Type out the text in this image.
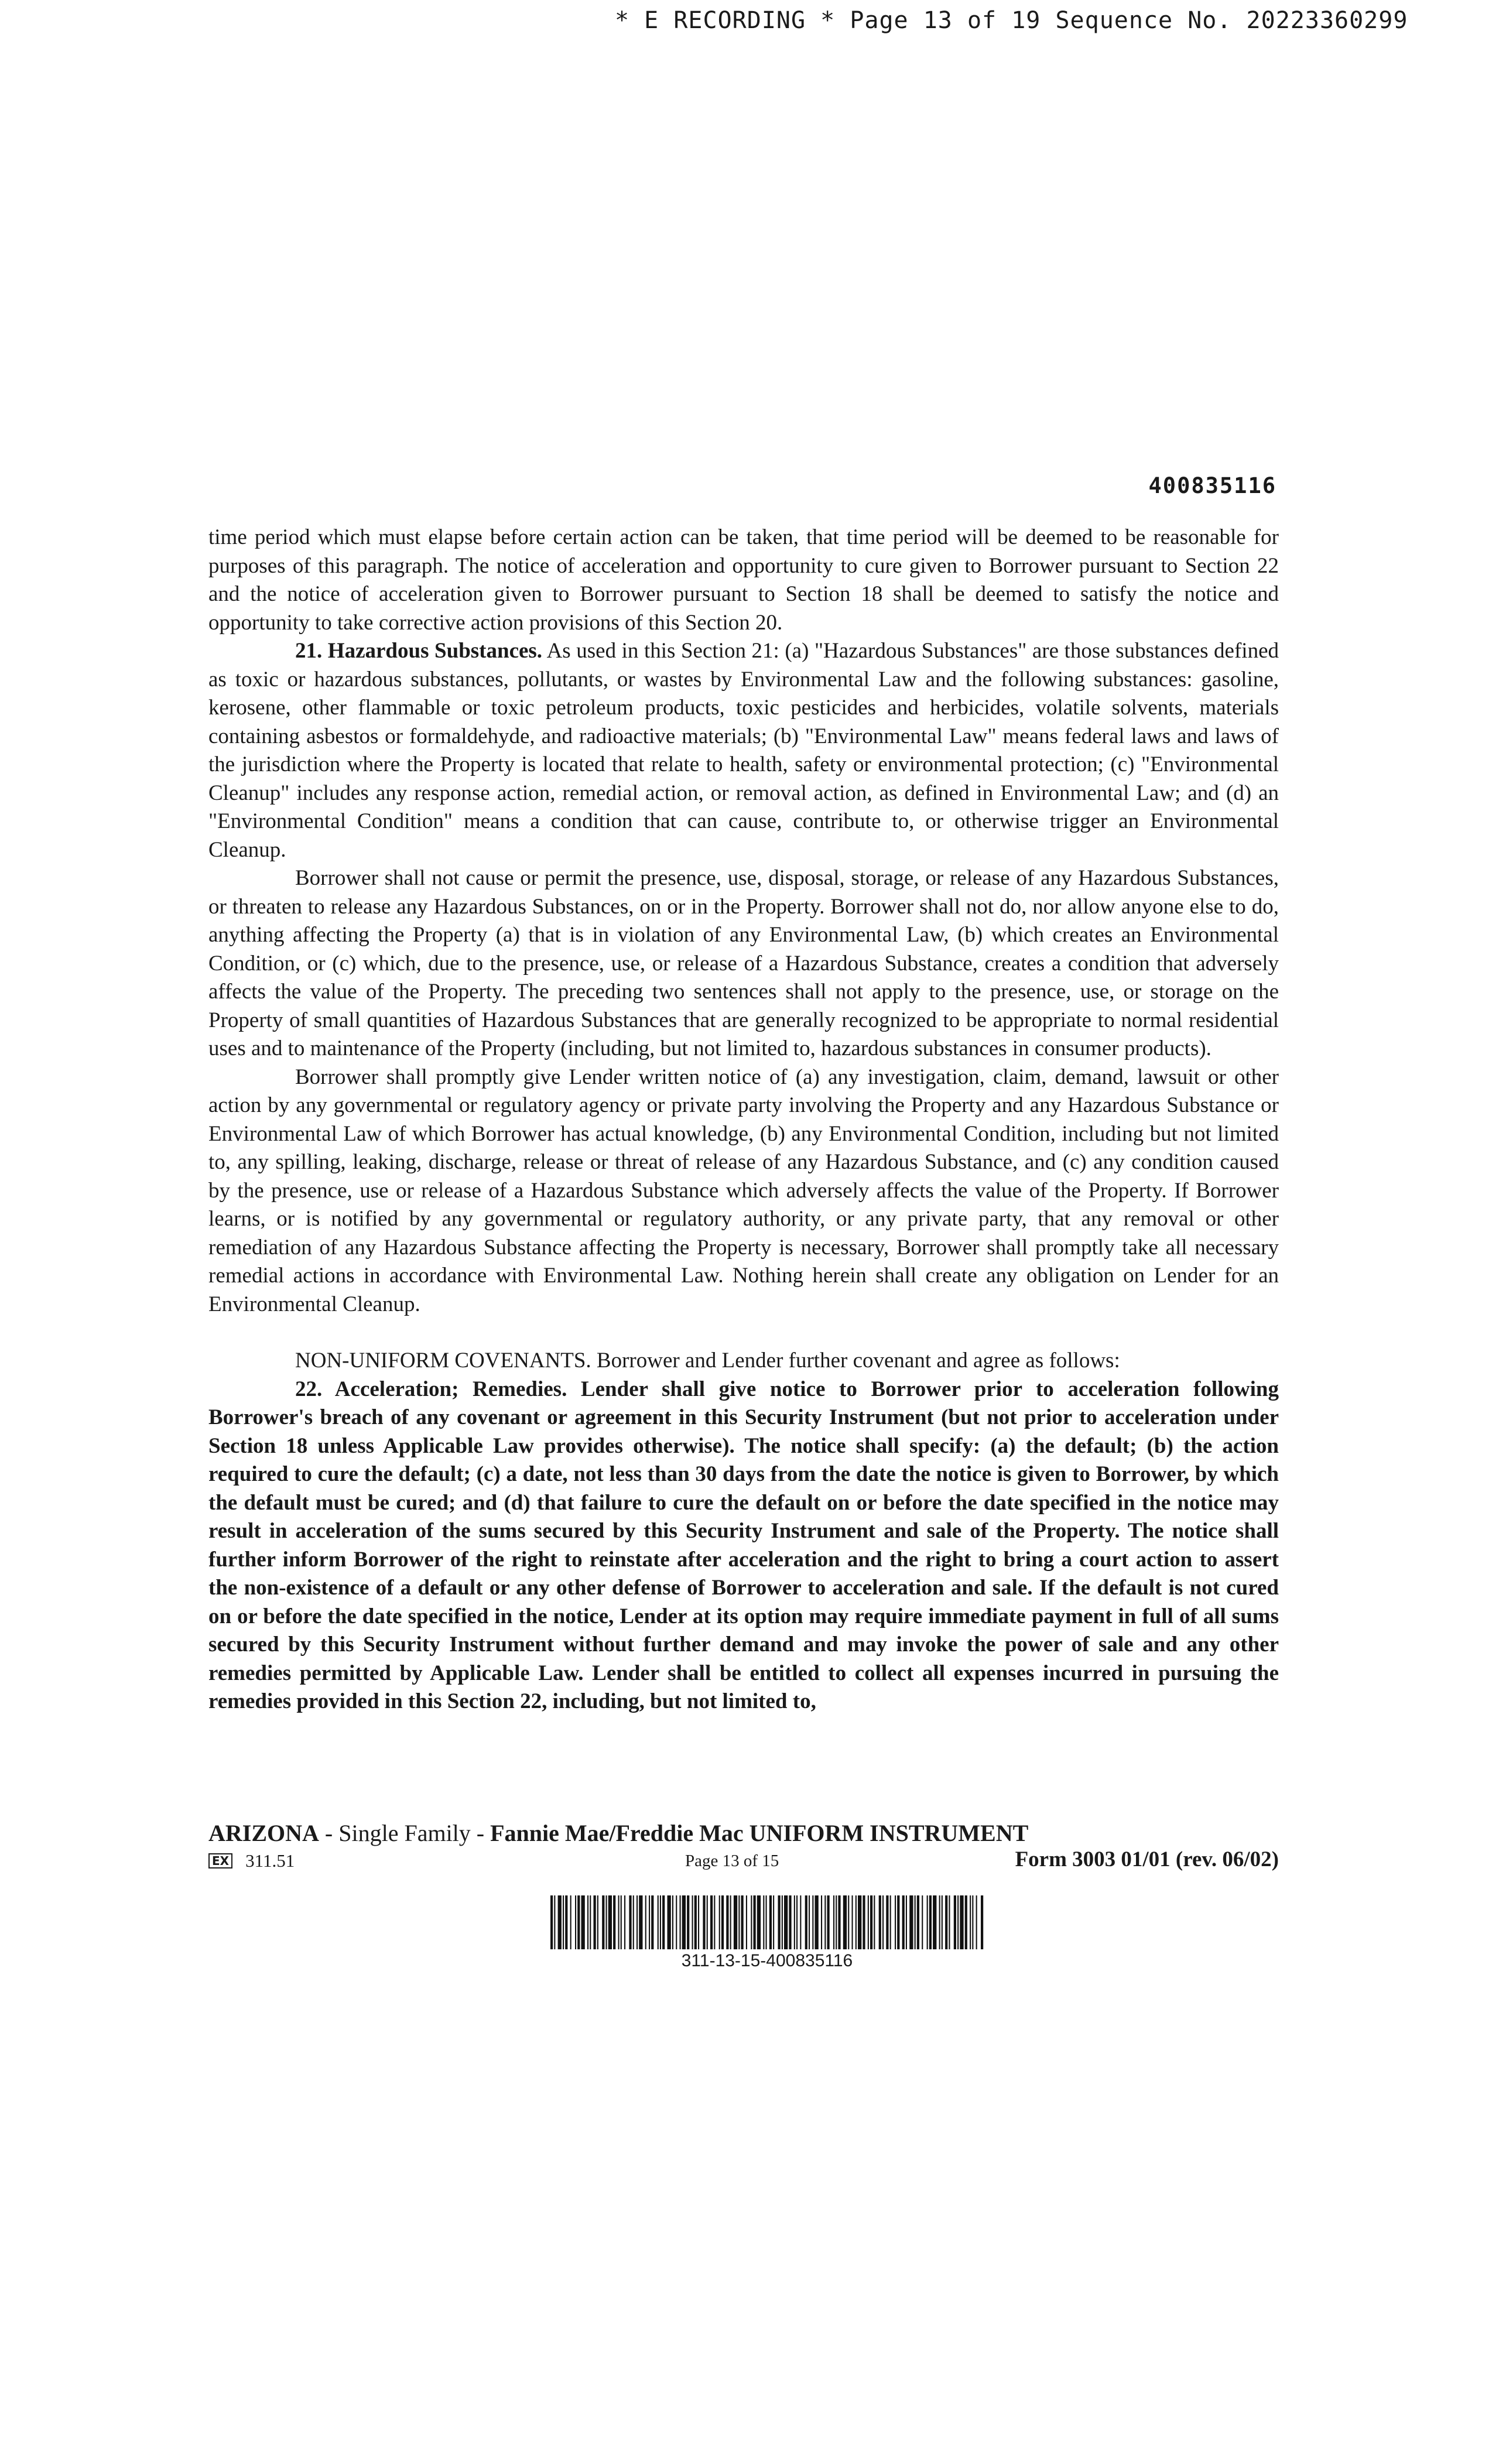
* E RECORDING * Page 13 of 19 Sequence No. 20223360299
400835116

time period which must elapse before certain action can be taken, that time period will be deemed to be reasonable for purposes of this paragraph. The notice of acceleration and opportunity to cure given to Borrower pursuant to Section 22 and the notice of acceleration given to Borrower pursuant to Section 18 shall be deemed to satisfy the notice and opportunity to take corrective action provisions of this Section 20.

21. Hazardous Substances. As used in this Section 21: (a) "Hazardous Substances" are those substances defined as toxic or hazardous substances, pollutants, or wastes by Environmental Law and the following substances: gasoline, kerosene, other flammable or toxic petroleum products, toxic pesticides and herbicides, volatile solvents, materials containing asbestos or formaldehyde, and radioactive materials; (b) "Environmental Law" means federal laws and laws of the jurisdiction where the Property is located that relate to health, safety or environmental protection; (c) "Environmental Cleanup" includes any response action, remedial action, or removal action, as defined in Environmental Law; and (d) an "Environmental Condition" means a condition that can cause, contribute to, or otherwise trigger an Environmental Cleanup.

Borrower shall not cause or permit the presence, use, disposal, storage, or release of any Hazardous Substances, or threaten to release any Hazardous Substances, on or in the Property. Borrower shall not do, nor allow anyone else to do, anything affecting the Property (a) that is in violation of any Environmental Law, (b) which creates an Environmental Condition, or (c) which, due to the presence, use, or release of a Hazardous Substance, creates a condition that adversely affects the value of the Property. The preceding two sentences shall not apply to the presence, use, or storage on the Property of small quantities of Hazardous Substances that are generally recognized to be appropriate to normal residential uses and to maintenance of the Property (including, but not limited to, hazardous substances in consumer products).

Borrower shall promptly give Lender written notice of (a) any investigation, claim, demand, lawsuit or other action by any governmental or regulatory agency or private party involving the Property and any Hazardous Substance or Environmental Law of which Borrower has actual knowledge, (b) any Environmental Condition, including but not limited to, any spilling, leaking, discharge, release or threat of release of any Hazardous Substance, and (c) any condition caused by the presence, use or release of a Hazardous Substance which adversely affects the value of the Property. If Borrower learns, or is notified by any governmental or regulatory authority, or any private party, that any removal or other remediation of any Hazardous Substance affecting the Property is necessary, Borrower shall promptly take all necessary remedial actions in accordance with Environmental Law. Nothing herein shall create any obligation on Lender for an Environmental Cleanup.

NON-UNIFORM COVENANTS. Borrower and Lender further covenant and agree as follows:

22. Acceleration; Remedies. Lender shall give notice to Borrower prior to acceleration following Borrower's breach of any covenant or agreement in this Security Instrument (but not prior to acceleration under Section 18 unless Applicable Law provides otherwise). The notice shall specify: (a) the default; (b) the action required to cure the default; (c) a date, not less than 30 days from the date the notice is given to Borrower, by which the default must be cured; and (d) that failure to cure the default on or before the date specified in the notice may result in acceleration of the sums secured by this Security Instrument and sale of the Property. The notice shall further inform Borrower of the right to reinstate after acceleration and the right to bring a court action to assert the non-existence of a default or any other defense of Borrower to acceleration and sale. If the default is not cured on or before the date specified in the notice, Lender at its option may require immediate payment in full of all sums secured by this Security Instrument without further demand and may invoke the power of sale and any other remedies permitted by Applicable Law. Lender shall be entitled to collect all expenses incurred in pursuing the remedies provided in this Section 22, including, but not limited to,

ARIZONA - Single Family - Fannie Mae/Freddie Mac UNIFORM INSTRUMENT
EX 311.51	Page 13 of 15	Form 3003 01/01 (rev. 06/02)
311-13-15-400835116
